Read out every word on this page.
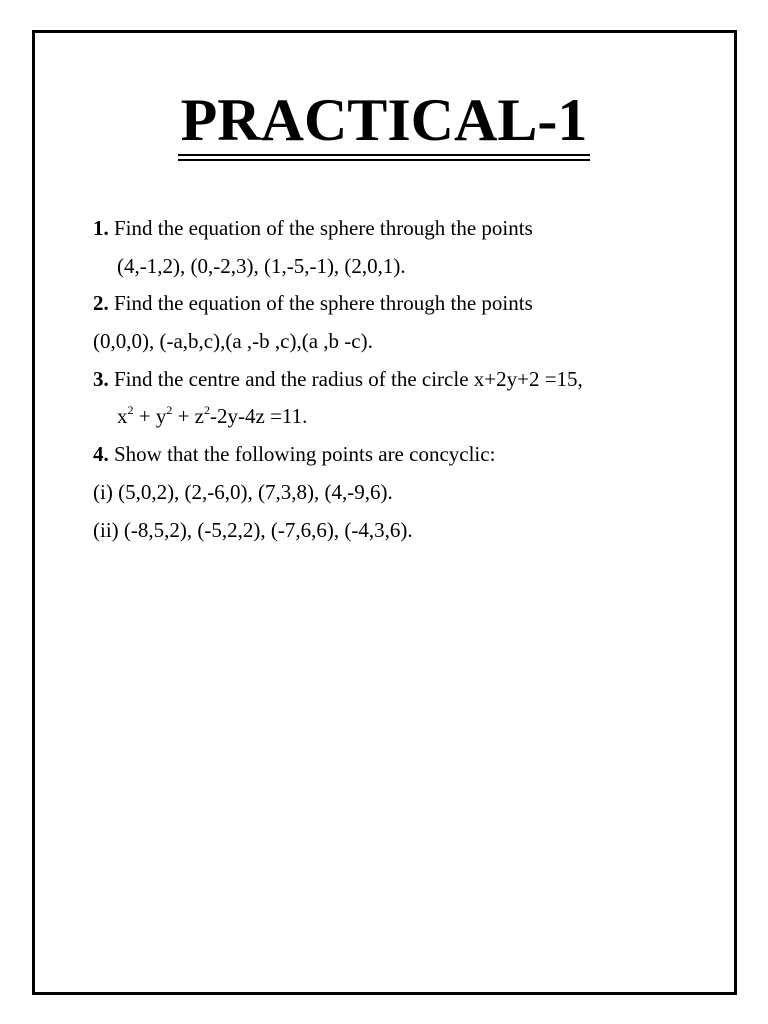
PRACTICAL-1
1. Find the equation of the sphere through the points
(4,-1,2), (0,-2,3), (1,-5,-1), (2,0,1).
2. Find the equation of the sphere through the points
(0,0,0), (-a,b,c),(a ,-b ,c),(a ,b -c).
3. Find the centre and the radius of the circle x+2y+2 =15,
$x^2 + y^2 + z^2-2y-4z =11$.
4. Show that the following points are concyclic:
(i) (5,0,2), (2,-6,0), (7,3,8), (4,-9,6).
(ii) (-8,5,2), (-5,2,2), (-7,6,6), (-4,3,6).
